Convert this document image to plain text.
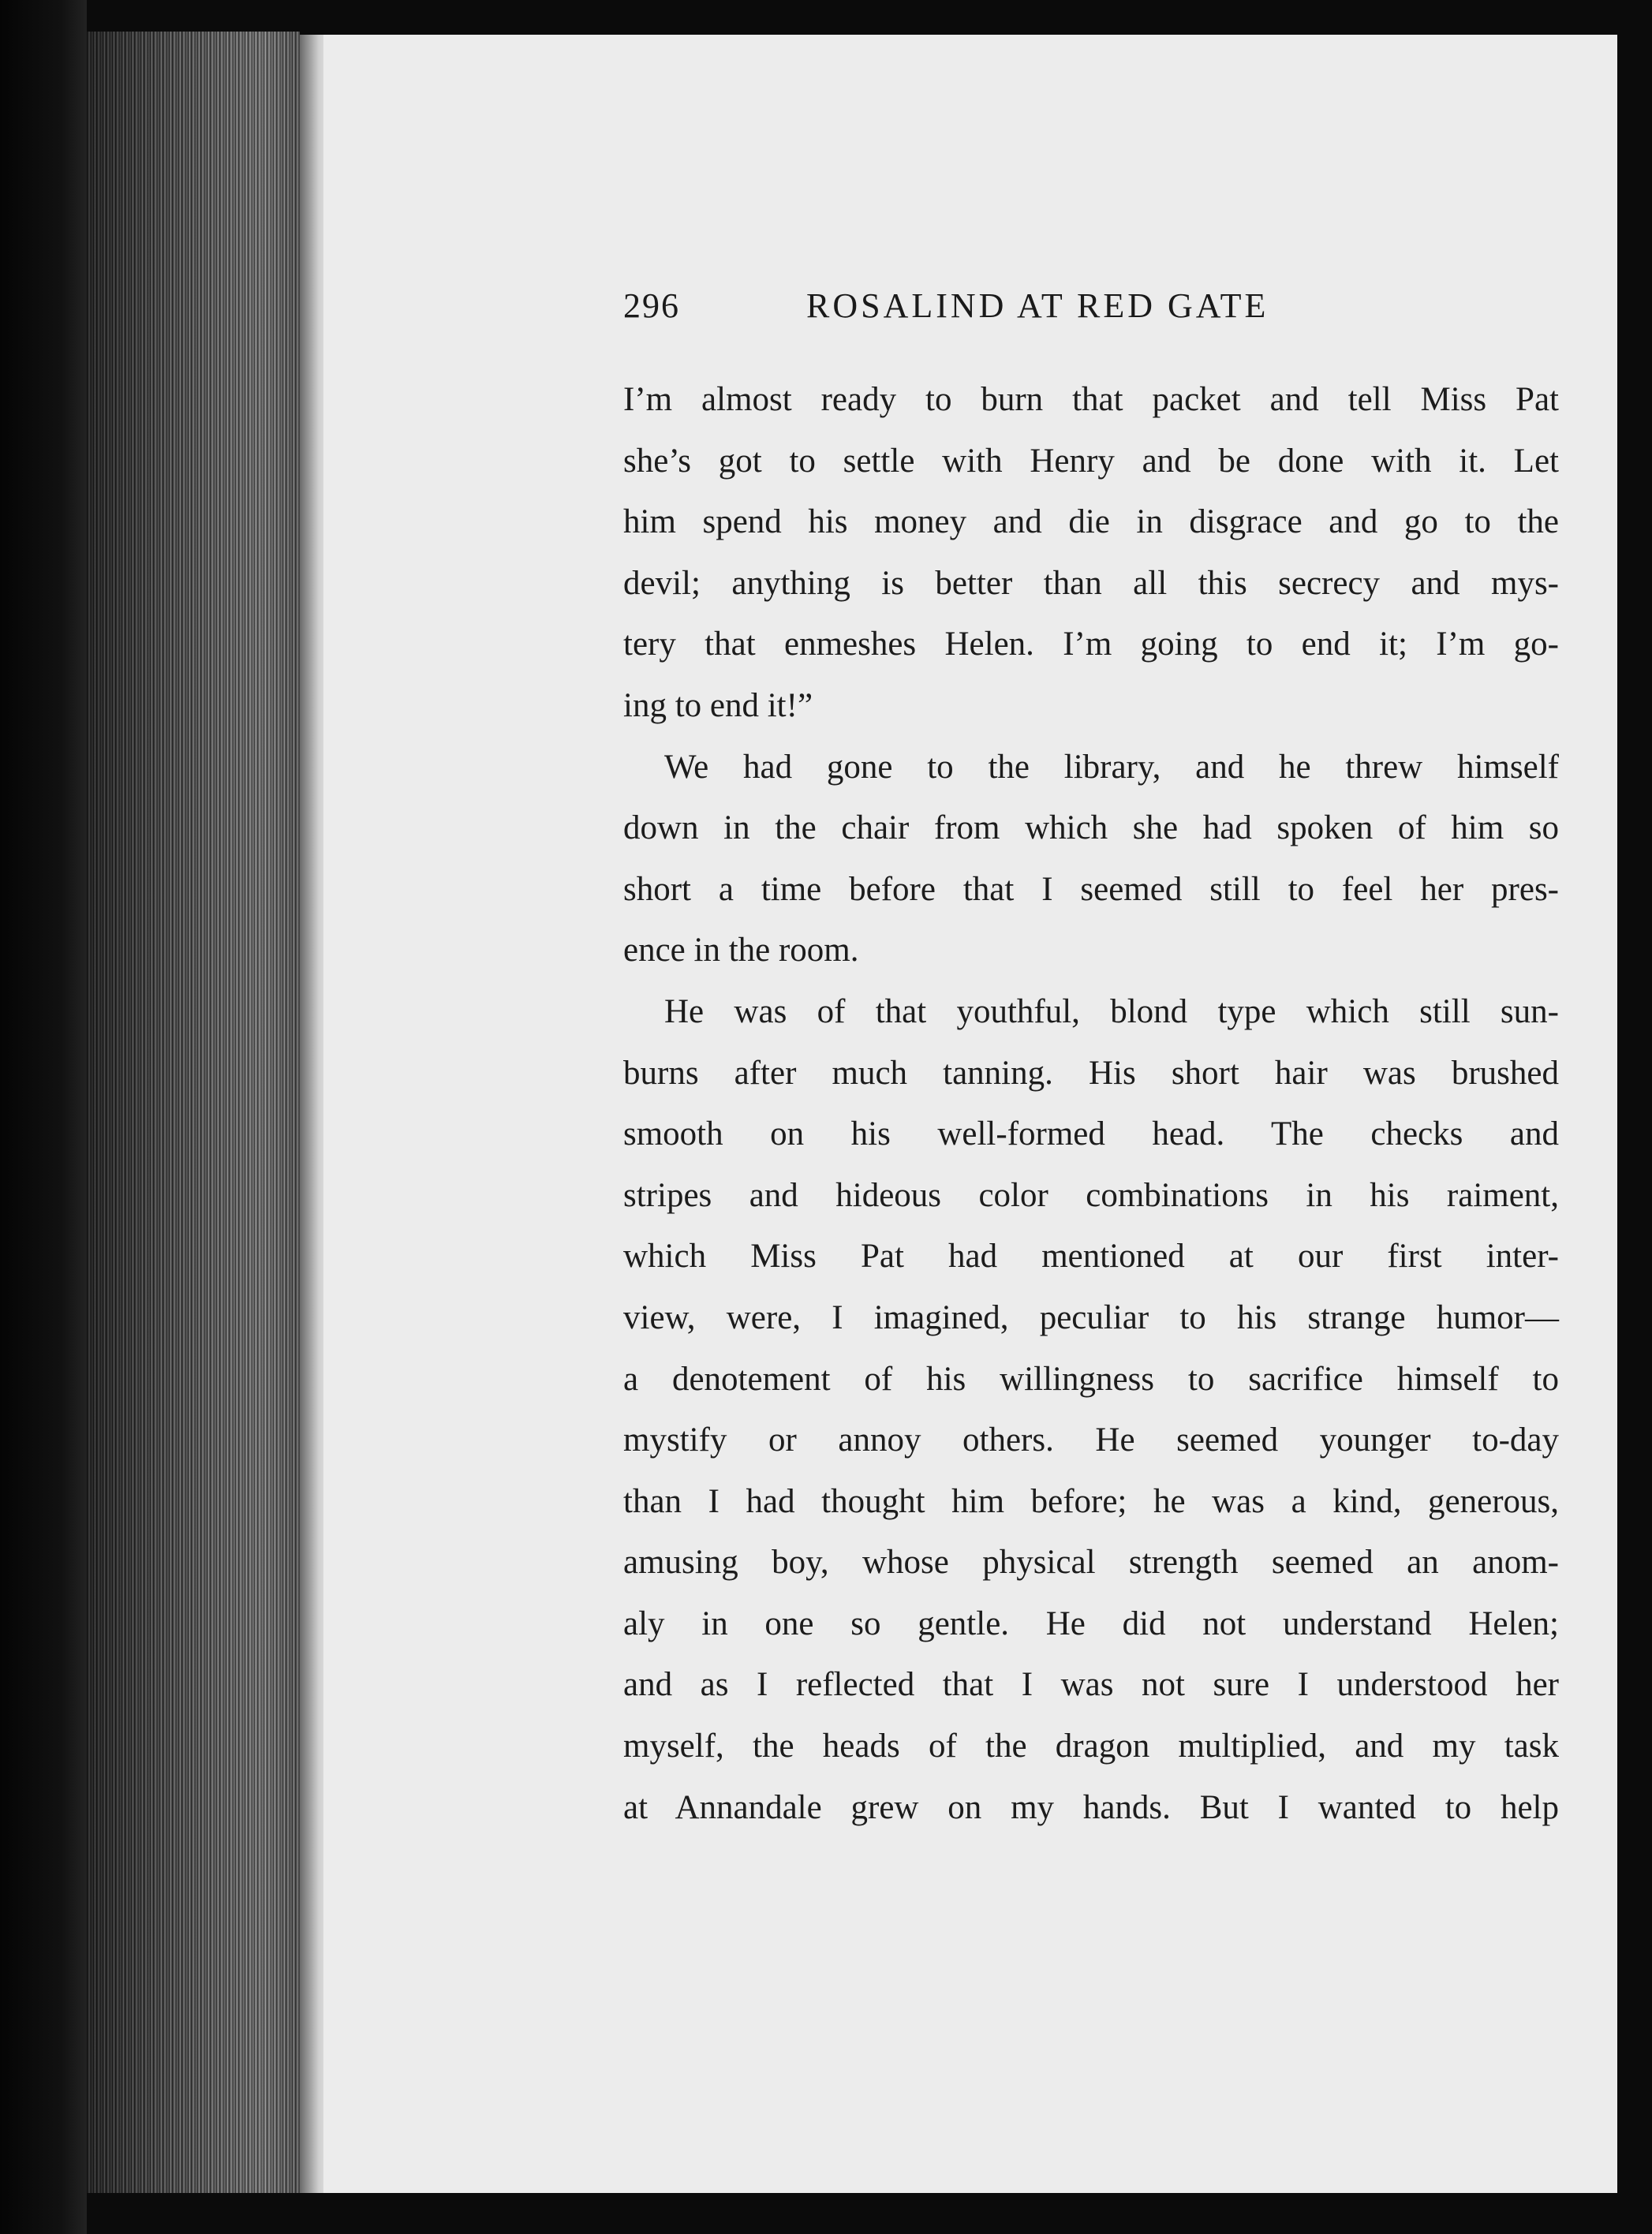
296	ROSALIND AT RED GATE
I’m almost ready to burn that packet and tell Miss Pat
she’s got to settle with Henry and be done with it. Let
him spend his money and die in disgrace and go to the
devil; anything is better than all this secrecy and mys-
tery that enmeshes Helen. I’m going to end it; I’m go-
ing to end it!”
We had gone to the library, and he threw himself
down in the chair from which she had spoken of him so
short a time before that I seemed still to feel her pres-
ence in the room.
He was of that youthful, blond type which still sun-
burns after much tanning. His short hair was brushed
smooth on his well-formed head. The checks and
stripes and hideous color combinations in his raiment,
which Miss Pat had mentioned at our first inter-
view, were, I imagined, peculiar to his strange humor—
a denotement of his willingness to sacrifice himself to
mystify or annoy others. He seemed younger to-day
than I had thought him before; he was a kind, generous,
amusing boy, whose physical strength seemed an anom-
aly in one so gentle. He did not understand Helen;
and as I reflected that I was not sure I understood her
myself, the heads of the dragon multiplied, and my task
at Annandale grew on my hands. But I wanted to help
